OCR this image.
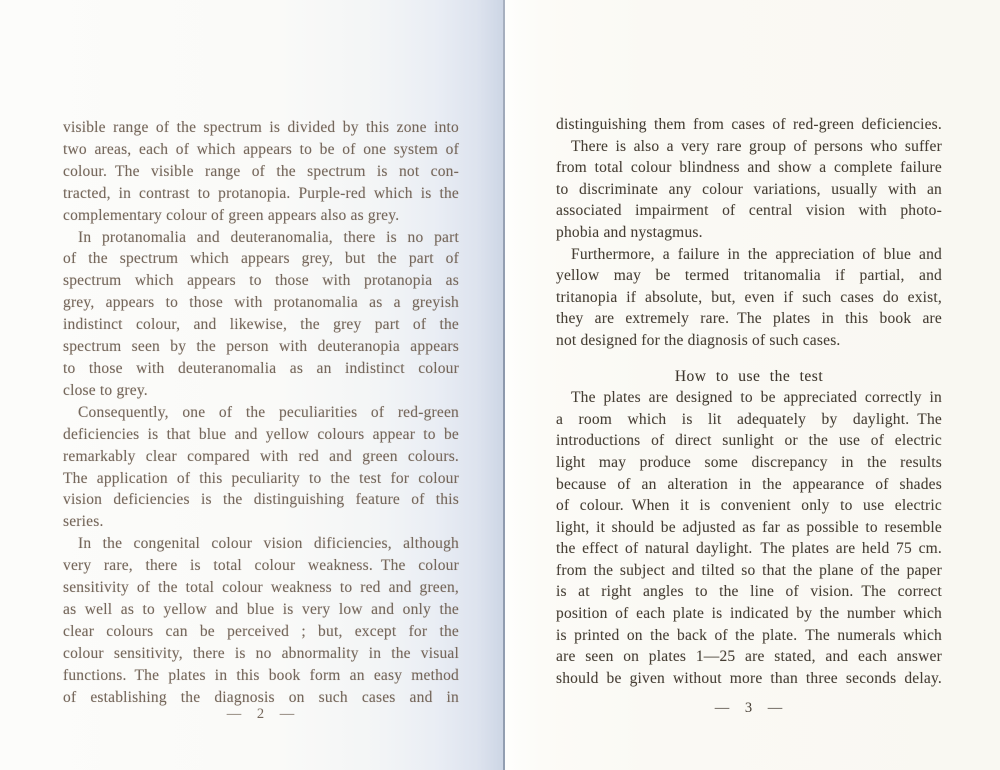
visible range of the spectrum is divided by this zone into
two areas, each of which appears to be of one system of
colour. The visible range of the spectrum is not con-
tracted, in contrast to protanopia. Purple-red which is the
complementary colour of green appears also as grey.
In protanomalia and deuteranomalia, there is no part
of the spectrum which appears grey, but the part of
spectrum which appears to those with protanopia as
grey, appears to those with protanomalia as a greyish
indistinct colour, and likewise, the grey part of the
spectrum seen by the person with deuteranopia appears
to those with deuteranomalia as an indistinct colour
close to grey.
Consequently, one of the peculiarities of red-green
deficiencies is that blue and yellow colours appear to be
remarkably clear compared with red and green colours.
The application of this peculiarity to the test for colour
vision deficiencies is the distinguishing feature of this
series.
In the congenital colour vision dificiencies, although
very rare, there is total colour weakness. The colour
sensitivity of the total colour weakness to red and green,
as well as to yellow and blue is very low and only the
clear colours can be perceived ; but, except for the
colour sensitivity, there is no abnormality in the visual
functions. The plates in this book form an easy method
of establishing the diagnosis on such cases and in
— 2 —
distinguishing them from cases of red-green deficiencies.
There is also a very rare group of persons who suffer
from total colour blindness and show a complete failure
to discriminate any colour variations, usually with an
associated impairment of central vision with photo-
phobia and nystagmus.
Furthermore, a failure in the appreciation of blue and
yellow may be termed tritanomalia if partial, and
tritanopia if absolute, but, even if such cases do exist,
they are extremely rare. The plates in this book are
not designed for the diagnosis of such cases.
How to use the test
The plates are designed to be appreciated correctly in
a room which is lit adequately by daylight. The
introductions of direct sunlight or the use of electric
light may produce some discrepancy in the results
because of an alteration in the appearance of shades
of colour. When it is convenient only to use electric
light, it should be adjusted as far as possible to resemble
the effect of natural daylight. The plates are held 75 cm.
from the subject and tilted so that the plane of the paper
is at right angles to the line of vision. The correct
position of each plate is indicated by the number which
is printed on the back of the plate. The numerals which
are seen on plates 1—25 are stated, and each answer
should be given without more than three seconds delay.
— 3 —
